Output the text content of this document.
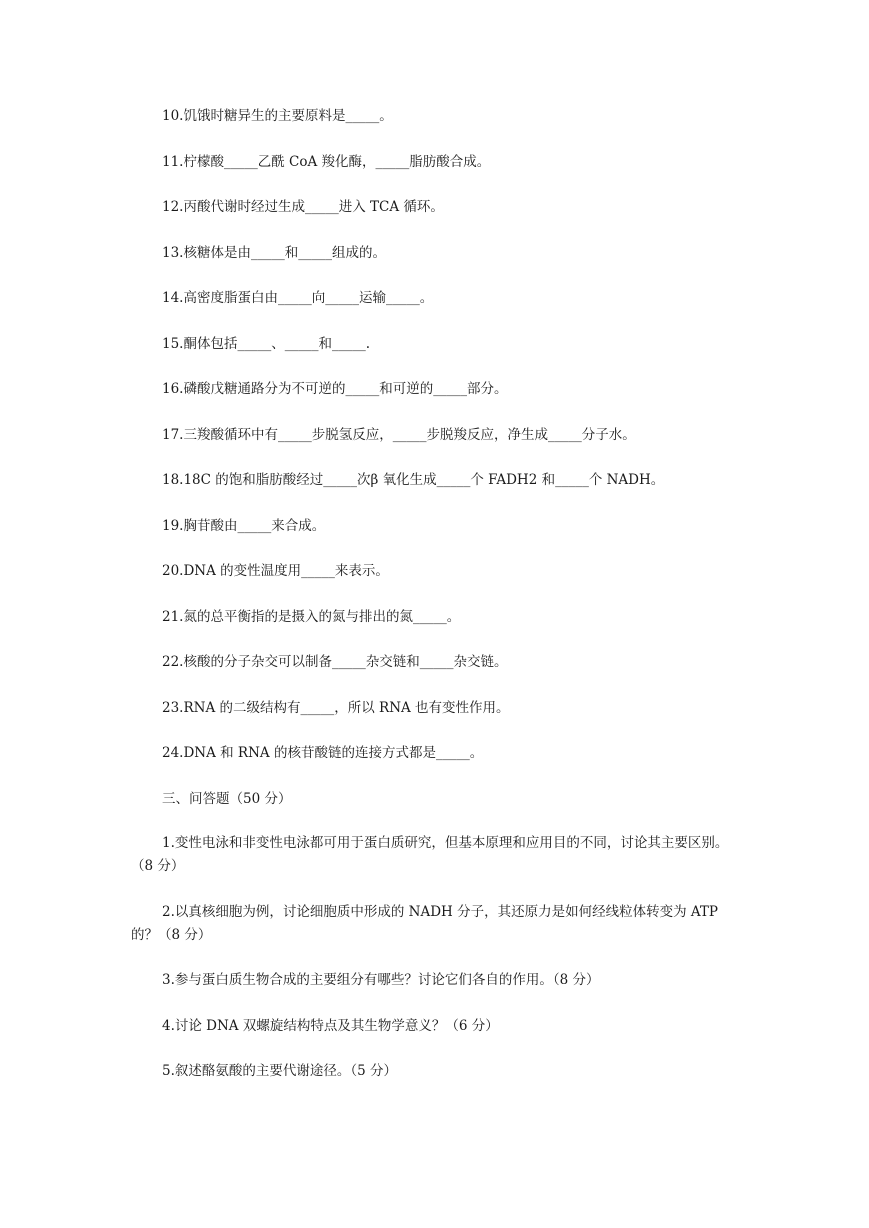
10.饥饿时糖异生的主要原料是_____。
11.柠檬酸_____乙酰 CoA 羧化酶，_____脂肪酸合成。
12.丙酸代谢时经过生成_____进入 TCA 循环。
13.核糖体是由_____和_____组成的。
14.高密度脂蛋白由_____向_____运输_____。
15.酮体包括_____、_____和_____.
16.磷酸戊糖通路分为不可逆的_____和可逆的_____部分。
17.三羧酸循环中有_____步脱氢反应，_____步脱羧反应，净生成_____分子水。
18.18C 的饱和脂肪酸经过_____次β 氧化生成_____个 FADH2 和_____个 NADH。
19.胸苷酸由_____来合成。
20.DNA 的变性温度用_____来表示。
21.氮的总平衡指的是摄入的氮与排出的氮_____。
22.核酸的分子杂交可以制备_____杂交链和_____杂交链。
23.RNA 的二级结构有_____，所以 RNA 也有变性作用。
24.DNA 和 RNA 的核苷酸链的连接方式都是_____。
三、问答题（50 分）
1.变性电泳和非变性电泳都可用于蛋白质研究，但基本原理和应用目的不同，讨论其主要区别。（8 分）
2.以真核细胞为例，讨论细胞质中形成的 NADH 分子，其还原力是如何经线粒体转变为 ATP 的？（8 分）
3.参与蛋白质生物合成的主要组分有哪些？讨论它们各自的作用。（8 分）
4.讨论 DNA 双螺旋结构特点及其生物学意义？（6 分）
5.叙述酪氨酸的主要代谢途径。（5 分）
